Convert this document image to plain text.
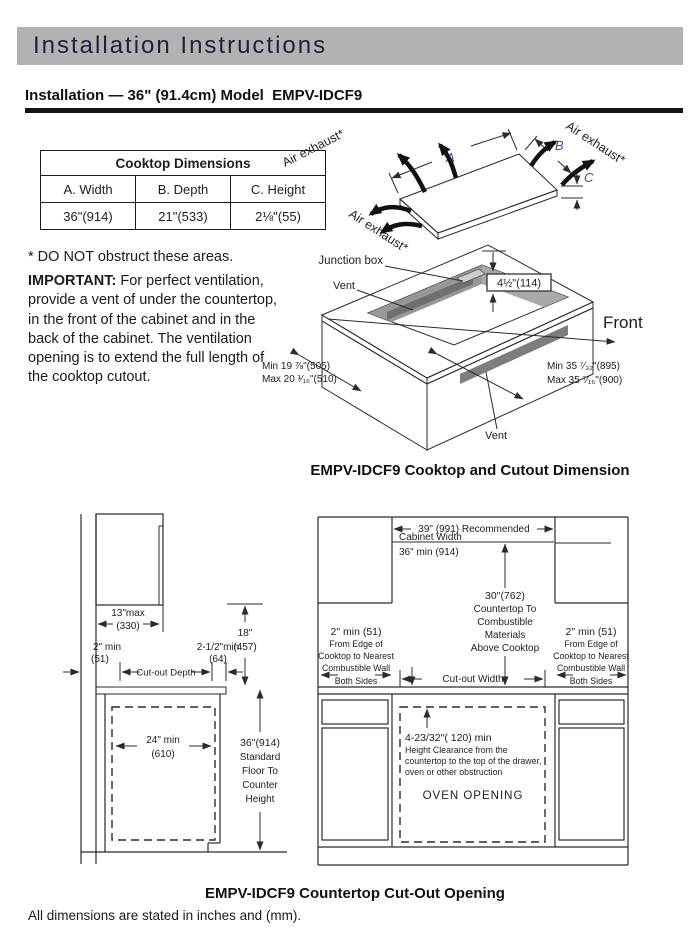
Installation Instructions
Installation — 36" (91.4cm) Model  EMPV-IDCF9
Cooktop Dimensions		
A. Width	B. Depth	C. Height
36"(914)	21"(533)	2⅛"(55)
* DO NOT obstruct these areas.
IMPORTANT: For perfect ventilation, provide a vent of under the countertop, in the front of the cabinet and in the back of the cabinet. The ventilation opening is to extend the full length of the cooktop cutout.
A
B
C
Air exhaust*	Air exhaust*
Air exhaust*
Junction box
Vent	4½"(114)
Front
Min 19 ⅞"(505)
Max 20 ¹⁄₁₆"(510)
Min 35 ⁷⁄₃₂"(895)
Max 35 ⁷⁄₁₆"(900)
Vent
EMPV-IDCF9 Cooktop and Cutout Dimension
13"max
(330)
2" min
(51)
2-1/2"min
(64)
Cut-out Depth
24" min
(610)
18"
(457)
36"(914)
Standard
Floor To
Counter
Height
39" (991) Recommended
Cabinet Width
36" min (914)
30"(762)
Countertop To
Combustible
Materials
Above Cooktop
2" min (51)
From Edge of
Cooktop to Nearest
Combustible Wall
Both Sides
2" min (51)
From Edge of
Cooktop to Nearest
Combustible Wall
Both Sides
Cut-out Width
4-23/32"( 120) min
Height Clearance from the
countertop to the top of the drawer,
oven or other obstruction
OVEN OPENING
EMPV-IDCF9 Countertop Cut-Out Opening
All dimensions are stated in inches and (mm).
